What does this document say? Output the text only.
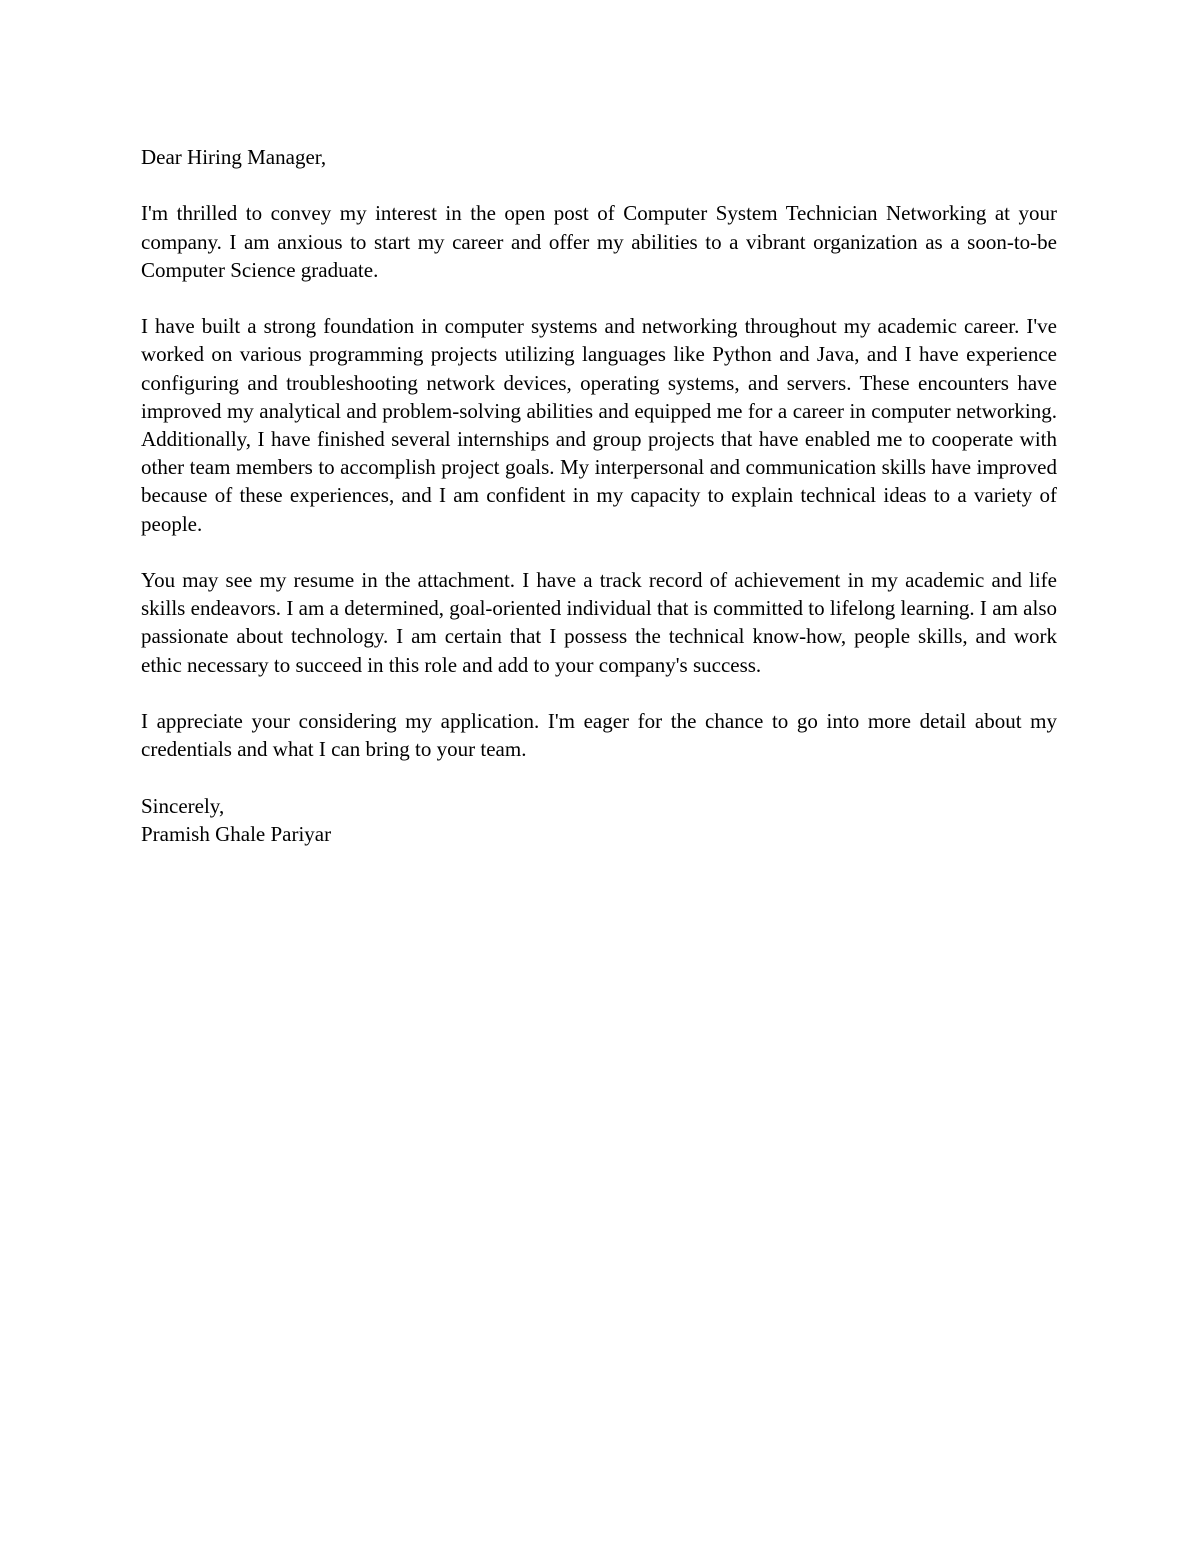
Dear Hiring Manager,

I'm thrilled to convey my interest in the open post of Computer System Technician Networking at your company. I am anxious to start my career and offer my abilities to a vibrant organization as a soon-to-be Computer Science graduate.

I have built a strong foundation in computer systems and networking throughout my academic career. I've worked on various programming projects utilizing languages like Python and Java, and I have experience configuring and troubleshooting network devices, operating systems, and servers. These encounters have improved my analytical and problem-solving abilities and equipped me for a career in computer networking. Additionally, I have finished several internships and group projects that have enabled me to cooperate with other team members to accomplish project goals. My interpersonal and communication skills have improved because of these experiences, and I am confident in my capacity to explain technical ideas to a variety of people.

You may see my resume in the attachment. I have a track record of achievement in my academic and life skills endeavors. I am a determined, goal-oriented individual that is committed to lifelong learning. I am also passionate about technology. I am certain that I possess the technical know-how, people skills, and work ethic necessary to succeed in this role and add to your company's success.

I appreciate your considering my application. I'm eager for the chance to go into more detail about my credentials and what I can bring to your team.

Sincerely,

Pramish Ghale Pariyar
